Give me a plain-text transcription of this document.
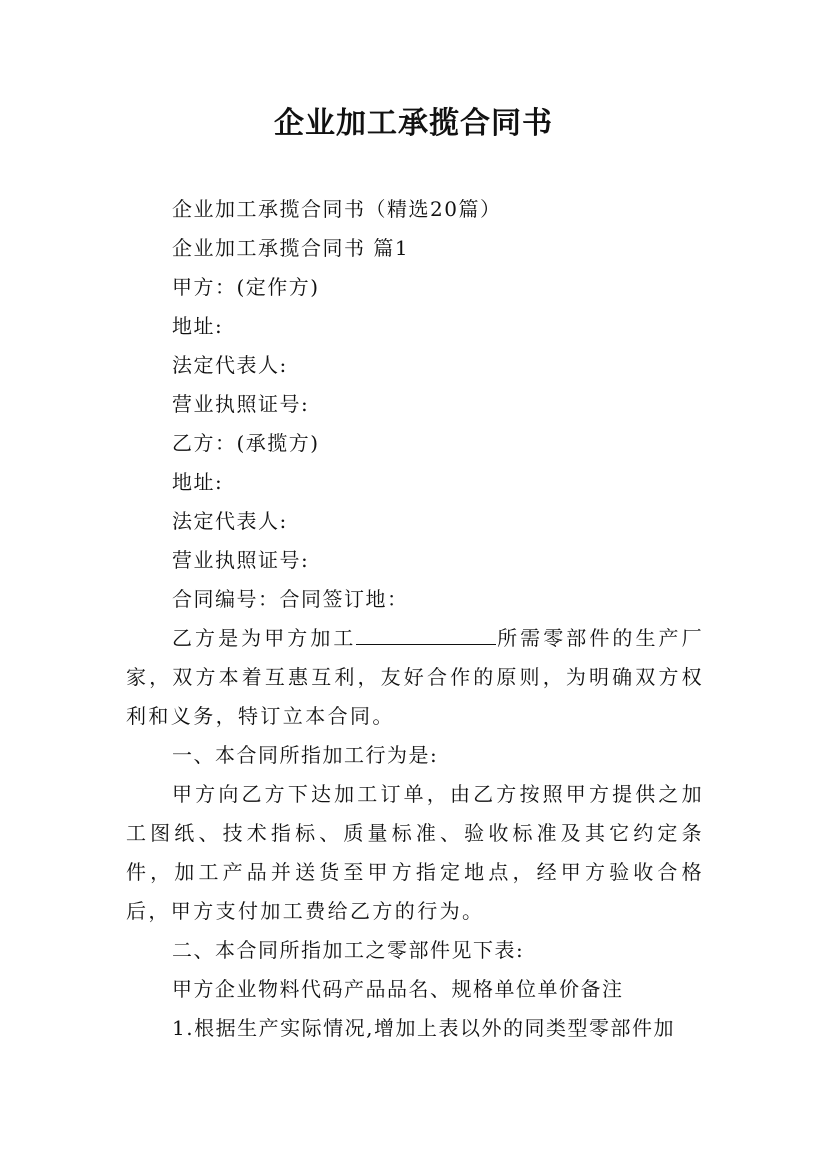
企业加工承揽合同书

企业加工承揽合同书（精选20篇）

企业加工承揽合同书 篇1

甲方：(定作方)

地址:

法定代表人:

营业执照证号:

乙方：(承揽方)

地址:

法定代表人:

营业执照证号:

合同编号：合同签订地：

乙方是为甲方加工	所需零部件的生产厂家，双方本着互惠互利，友好合作的原则，为明确双方权利和义务，特订立本合同。

一、本合同所指加工行为是:

甲方向乙方下达加工订单，由乙方按照甲方提供之加工图纸、技术指标、质量标准、验收标准及其它约定条件，加工产品并送货至甲方指定地点，经甲方验收合格后，甲方支付加工费给乙方的行为。

二、本合同所指加工之零部件见下表:

甲方企业物料代码产品品名、规格单位单价备注

1.根据生产实际情况,增加上表以外的同类型零部件加
